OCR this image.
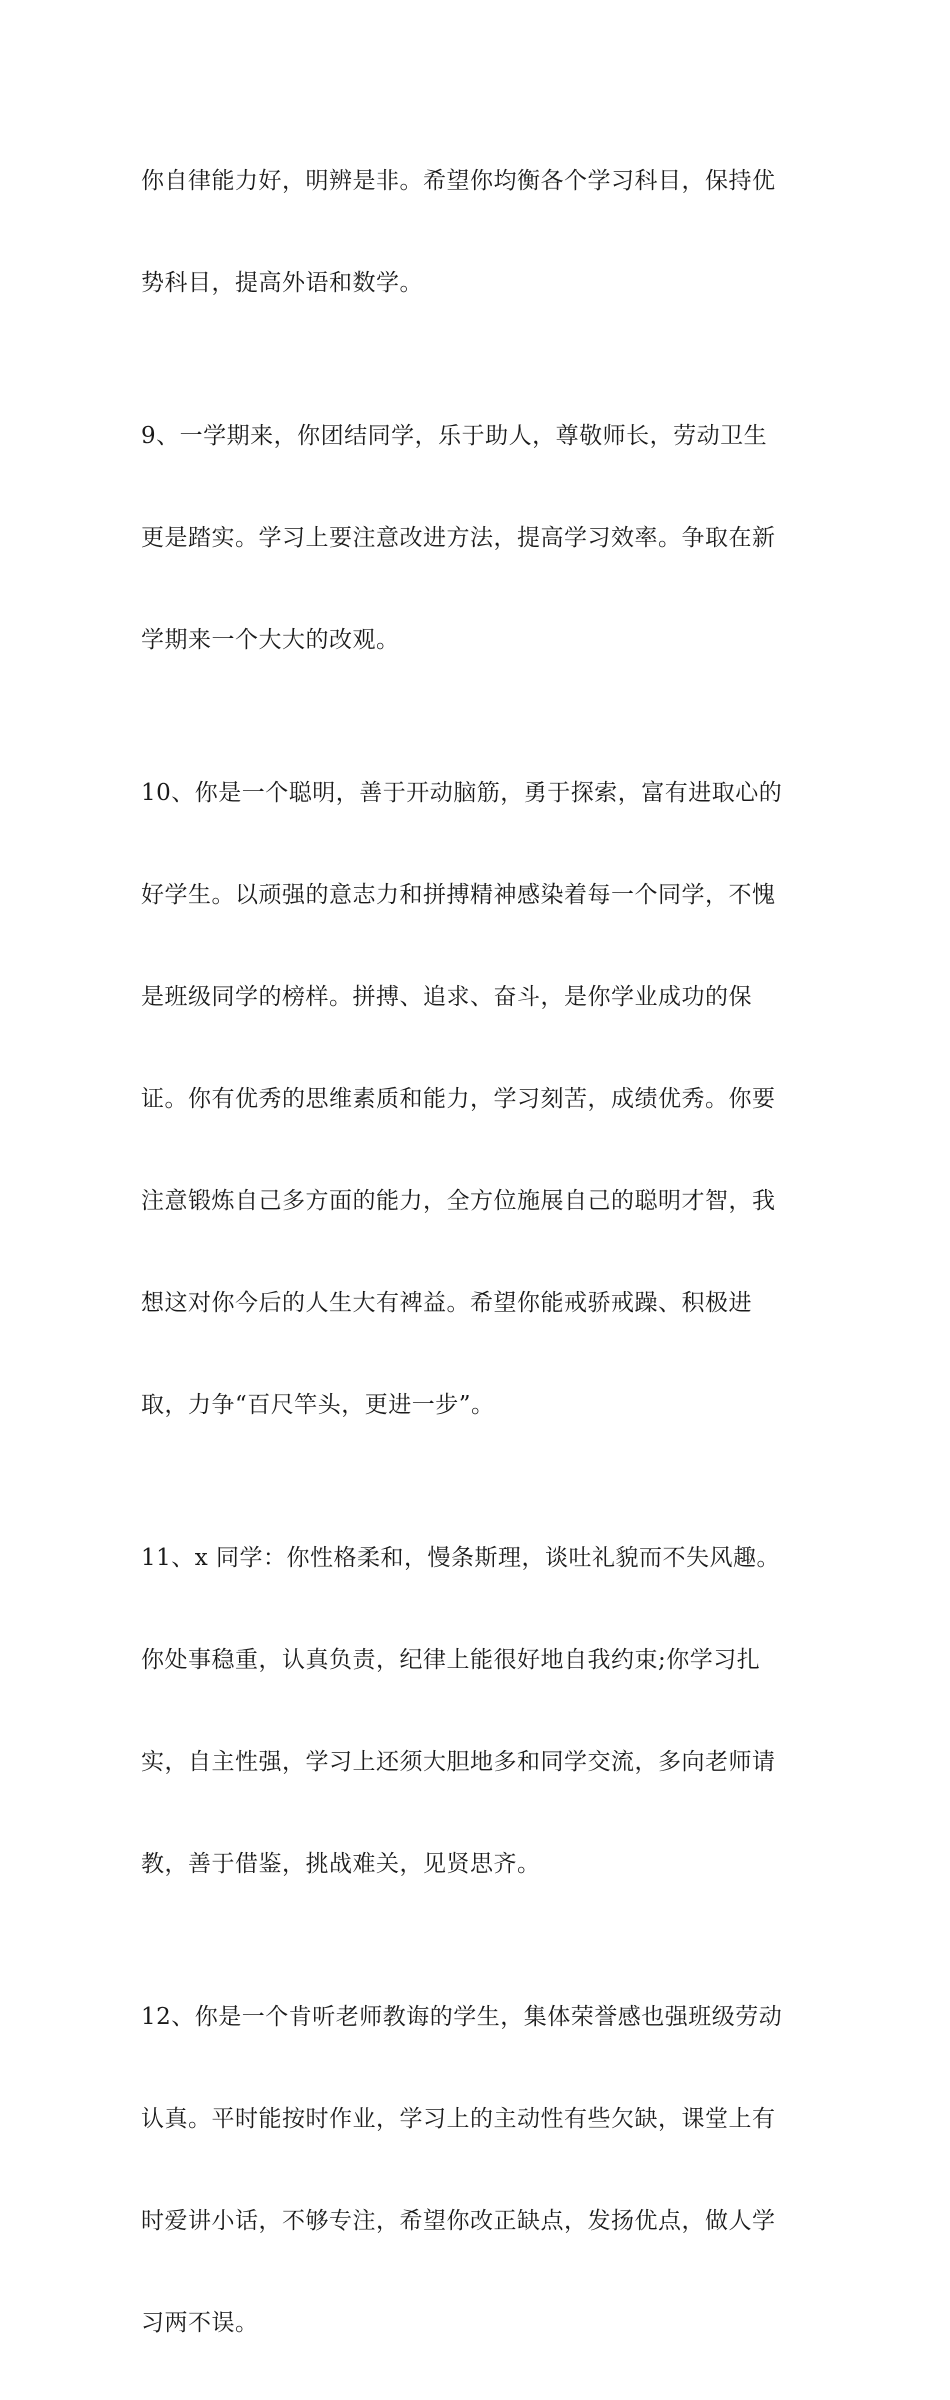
你自律能力好，明辨是非。希望你均衡各个学习科目，保持优

势科目，提高外语和数学。

9、一学期来，你团结同学，乐于助人，尊敬师长，劳动卫生

更是踏实。学习上要注意改进方法，提高学习效率。争取在新

学期来一个大大的改观。

10、你是一个聪明，善于开动脑筋，勇于探索，富有进取心的

好学生。以顽强的意志力和拼搏精神感染着每一个同学，不愧

是班级同学的榜样。拼搏、追求、奋斗，是你学业成功的保

证。你有优秀的思维素质和能力，学习刻苦，成绩优秀。你要

注意锻炼自己多方面的能力，全方位施展自己的聪明才智，我

想这对你今后的人生大有裨益。希望你能戒骄戒躁、积极进

取，力争“百尺竿头，更进一步”。

11、x 同学：你性格柔和，慢条斯理，谈吐礼貌而不失风趣。

你处事稳重，认真负责，纪律上能很好地自我约束;你学习扎

实，自主性强，学习上还须大胆地多和同学交流，多向老师请

教，善于借鉴，挑战难关，见贤思齐。

12、你是一个肯听老师教诲的学生，集体荣誉感也强班级劳动

认真。平时能按时作业，学习上的主动性有些欠缺，课堂上有

时爱讲小话，不够专注，希望你改正缺点，发扬优点，做人学

习两不误。
